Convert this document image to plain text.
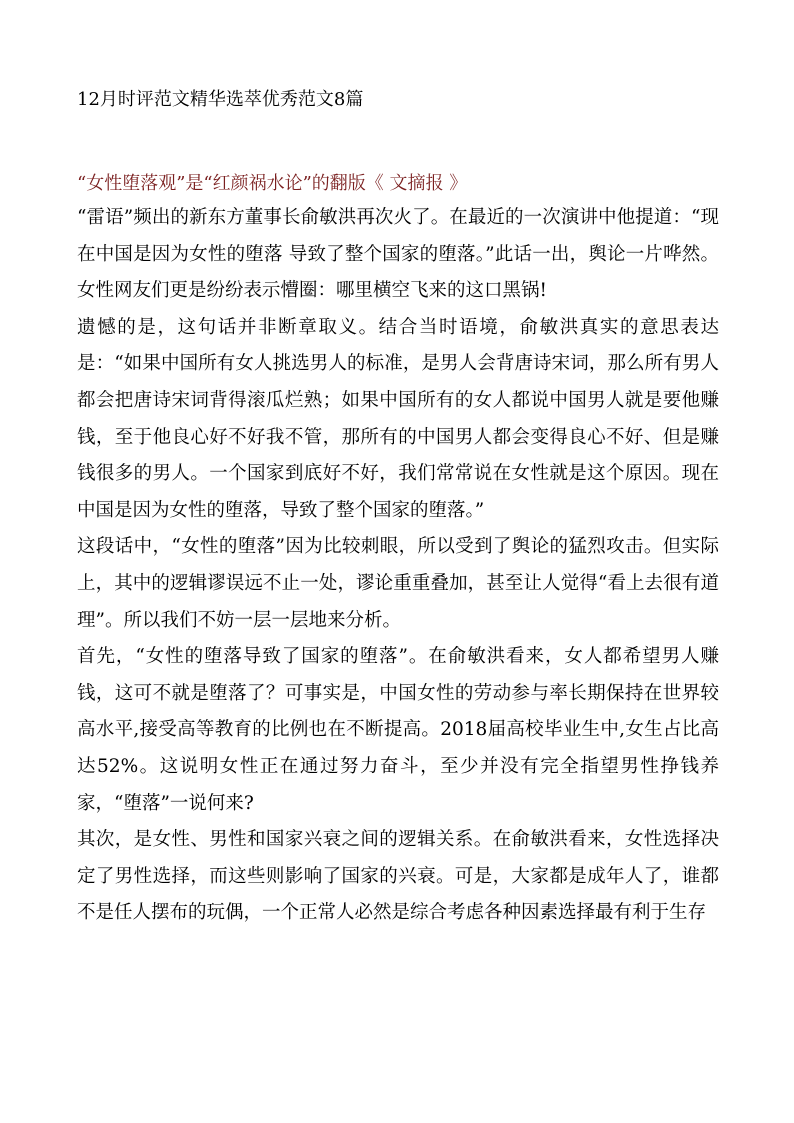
12月时评范文精华选萃优秀范文8篇
“女性堕落观”是“红颜祸水论”的翻版《 文摘报 》

“雷语”频出的新东方董事长俞敏洪再次火了。在最近的一次演讲中他提道：“现在中国是因为女性的堕落 导致了整个国家的堕落。”此话一出，舆论一片哗然。女性网友们更是纷纷表示懵圈：哪里横空飞来的这口黑锅!

遗憾的是，这句话并非断章取义。结合当时语境，俞敏洪真实的意思表达是：“如果中国所有女人挑选男人的标准，是男人会背唐诗宋词，那么所有男人都会把唐诗宋词背得滚瓜烂熟；如果中国所有的女人都说中国男人就是要他赚钱，至于他良心好不好我不管，那所有的中国男人都会变得良心不好、但是赚钱很多的男人。一个国家到底好不好，我们常常说在女性就是这个原因。现在中国是因为女性的堕落，导致了整个国家的堕落。”

这段话中，“女性的堕落”因为比较刺眼，所以受到了舆论的猛烈攻击。但实际上，其中的逻辑谬误远不止一处，谬论重重叠加，甚至让人觉得“看上去很有道理”。所以我们不妨一层一层地来分析。

首先，“女性的堕落导致了国家的堕落”。在俞敏洪看来，女人都希望男人赚钱，这可不就是堕落了？可事实是，中国女性的劳动参与率长期保持在世界较高水平,接受高等教育的比例也在不断提高。2018届高校毕业生中,女生占比高达52%。这说明女性正在通过努力奋斗，至少并没有完全指望男性挣钱养家，“堕落”一说何来?

其次，是女性、男性和国家兴衰之间的逻辑关系。在俞敏洪看来，女性选择决定了男性选择，而这些则影响了国家的兴衰。可是，大家都是成年人了，谁都不是任人摆布的玩偶，一个正常人必然是综合考虑各种因素选择最有利于生存
